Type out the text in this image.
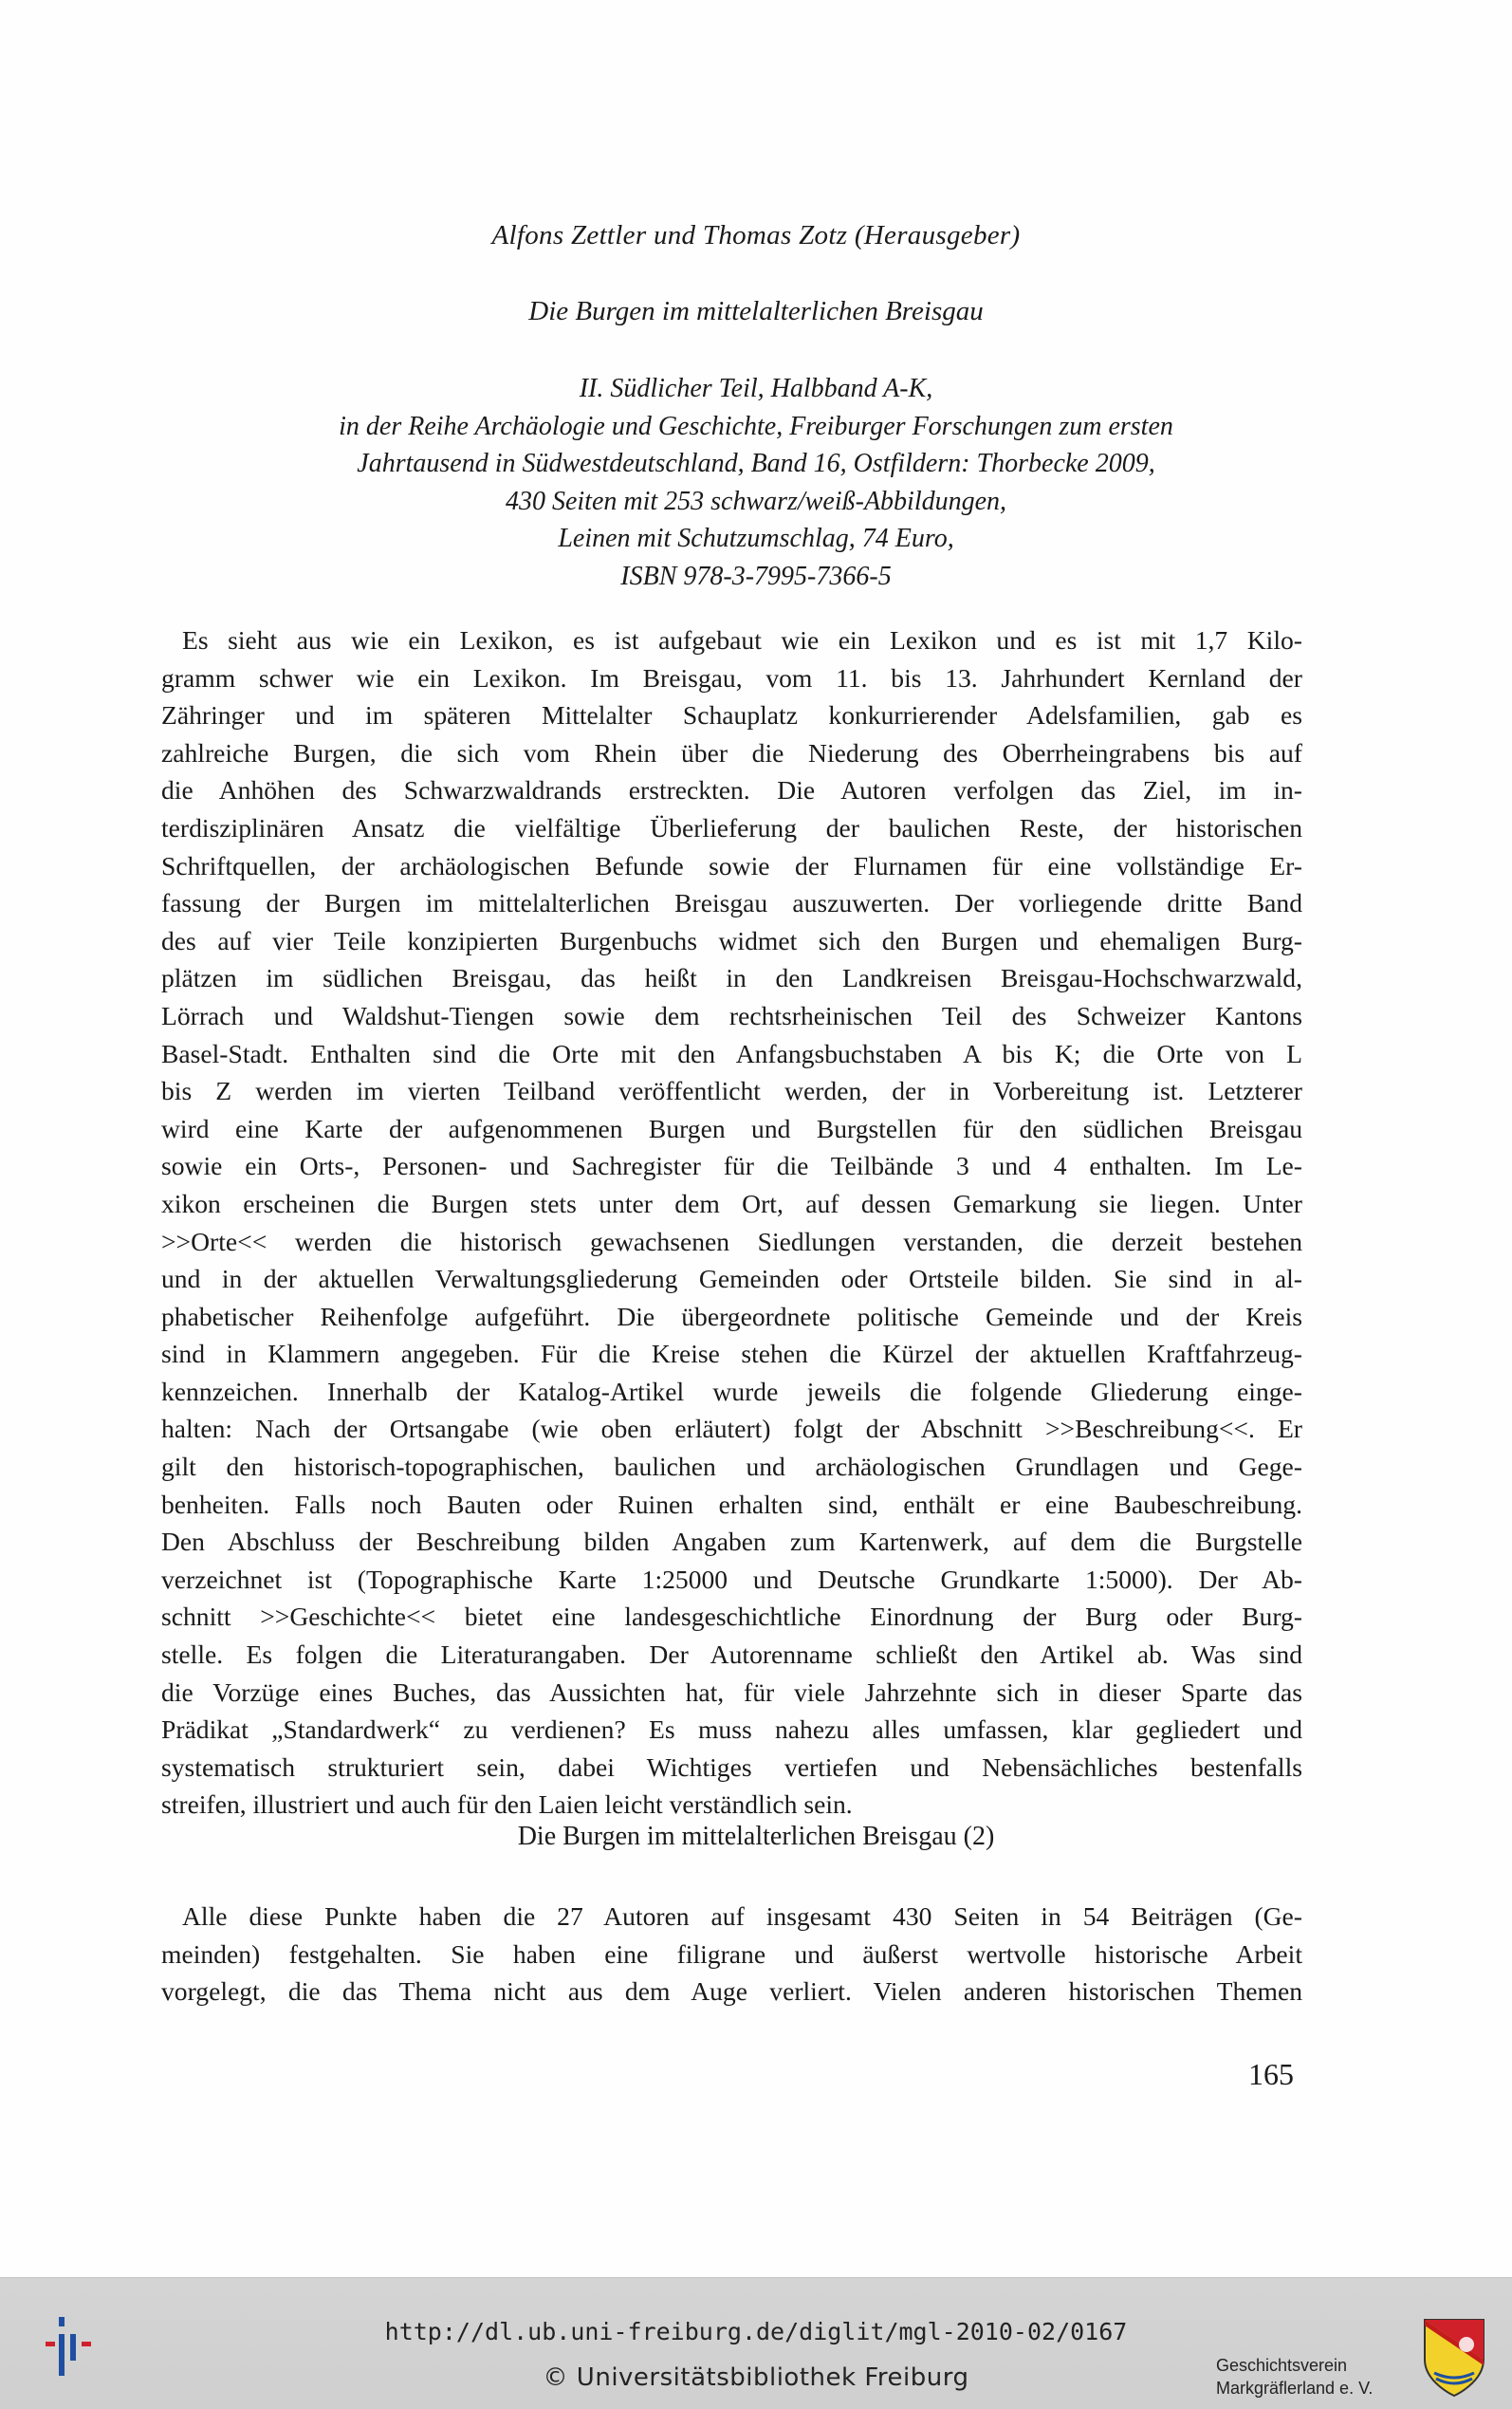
Alfons Zettler und Thomas Zotz (Herausgeber)
Die Burgen im mittelalterlichen Breisgau
II. Südlicher Teil, Halbband A-K,
in der Reihe Archäologie und Geschichte, Freiburger Forschungen zum ersten
Jahrtausend in Südwestdeutschland, Band 16, Ostfildern: Thorbecke 2009,
430 Seiten mit 253 schwarz/weiß-Abbildungen,
Leinen mit Schutzumschlag, 74 Euro,
ISBN 978-3-7995-7366-5
Es sieht aus wie ein Lexikon, es ist aufgebaut wie ein Lexikon und es ist mit 1,7 Kilo-
gramm schwer wie ein Lexikon. Im Breisgau, vom 11. bis 13. Jahrhundert Kernland der
Zähringer und im späteren Mittelalter Schauplatz konkurrierender Adelsfamilien, gab es
zahlreiche Burgen, die sich vom Rhein über die Niederung des Oberrheingrabens bis auf
die Anhöhen des Schwarzwaldrands erstreckten. Die Autoren verfolgen das Ziel, im in-
terdisziplinären Ansatz die vielfältige Überlieferung der baulichen Reste, der historischen
Schriftquellen, der archäologischen Befunde sowie der Flurnamen für eine vollständige Er-
fassung der Burgen im mittelalterlichen Breisgau auszuwerten. Der vorliegende dritte Band
des auf vier Teile konzipierten Burgenbuchs widmet sich den Burgen und ehemaligen Burg-
plätzen im südlichen Breisgau, das heißt in den Landkreisen Breisgau-Hochschwarzwald,
Lörrach und Waldshut-Tiengen sowie dem rechtsrheinischen Teil des Schweizer Kantons
Basel-Stadt. Enthalten sind die Orte mit den Anfangsbuchstaben A bis K; die Orte von L
bis Z werden im vierten Teilband veröffentlicht werden, der in Vorbereitung ist. Letzterer
wird eine Karte der aufgenommenen Burgen und Burgstellen für den südlichen Breisgau
sowie ein Orts-, Personen- und Sachregister für die Teilbände 3 und 4 enthalten. Im Le-
xikon erscheinen die Burgen stets unter dem Ort, auf dessen Gemarkung sie liegen. Unter
>>Orte<< werden die historisch gewachsenen Siedlungen verstanden, die derzeit bestehen
und in der aktuellen Verwaltungsgliederung Gemeinden oder Ortsteile bilden. Sie sind in al-
phabetischer Reihenfolge aufgeführt. Die übergeordnete politische Gemeinde und der Kreis
sind in Klammern angegeben. Für die Kreise stehen die Kürzel der aktuellen Kraftfahrzeug-
kennzeichen. Innerhalb der Katalog-Artikel wurde jeweils die folgende Gliederung einge-
halten: Nach der Ortsangabe (wie oben erläutert) folgt der Abschnitt >>Beschreibung<<. Er
gilt den historisch-topographischen, baulichen und archäologischen Grundlagen und Gege-
benheiten. Falls noch Bauten oder Ruinen erhalten sind, enthält er eine Baubeschreibung.
Den Abschluss der Beschreibung bilden Angaben zum Kartenwerk, auf dem die Burgstelle
verzeichnet ist (Topographische Karte 1:25000 und Deutsche Grundkarte 1:5000). Der Ab-
schnitt >>Geschichte<< bietet eine landesgeschichtliche Einordnung der Burg oder Burg-
stelle. Es folgen die Literaturangaben. Der Autorenname schließt den Artikel ab. Was sind
die Vorzüge eines Buches, das Aussichten hat, für viele Jahrzehnte sich in dieser Sparte das
Prädikat „Standardwerk“ zu verdienen? Es muss nahezu alles umfassen, klar gegliedert und
systematisch strukturiert sein, dabei Wichtiges vertiefen und Nebensächliches bestenfalls
streifen, illustriert und auch für den Laien leicht verständlich sein.
Die Burgen im mittelalterlichen Breisgau (2)
Alle diese Punkte haben die 27 Autoren auf insgesamt 430 Seiten in 54 Beiträgen (Ge-
meinden) festgehalten. Sie haben eine filigrane und äußerst wertvolle historische Arbeit
vorgelegt, die das Thema nicht aus dem Auge verliert. Vielen anderen historischen Themen
165
http://dl.ub.uni-freiburg.de/diglit/mgl-2010-02/0167
© Universitätsbibliothek Freiburg	Geschichtsverein
Markgräflerland e. V.
